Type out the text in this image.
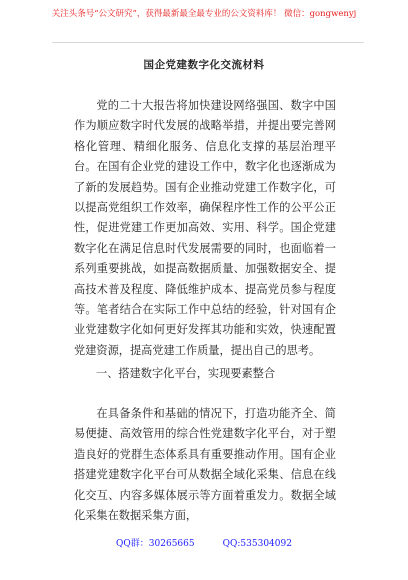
关注头条号“公文研究”，获得最新最全最专业的公文资料库！ 微信：gongwenyj
国企党建数字化交流材料

党的二十大报告将加快建设网络强国、数字中国作为顺应数字时代发展的战略举措，并提出要完善网格化管理、精细化服务、信息化支撑的基层治理平台。在国有企业党的建设工作中，数字化也逐渐成为了新的发展趋势。国有企业推动党建工作数字化，可以提高党组织工作效率，确保程序性工作的公平公正性，促进党建工作更加高效、实用、科学。国企党建数字化在满足信息时代发展需要的同时，也面临着一系列重要挑战，如提高数据质量、加强数据安全、提高技术普及程度、降低维护成本、提高党员参与程度等。笔者结合在实际工作中总结的经验，针对国有企业党建数字化如何更好发挥其功能和实效，快速配置党建资源，提高党建工作质量，提出自己的思考。

一、搭建数字化平台，实现要素整合

在具备条件和基础的情况下，打造功能齐全、简易便捷、高效管用的综合性党建数字化平台，对于塑造良好的党群生态体系具有重要推动作用。国有企业搭建党建数字化平台可从数据全域化采集、信息在线化交互、内容多媒体展示等方面着重发力。数据全域化采集在数据采集方面，

QQ群：30265665	QQ:535304092
